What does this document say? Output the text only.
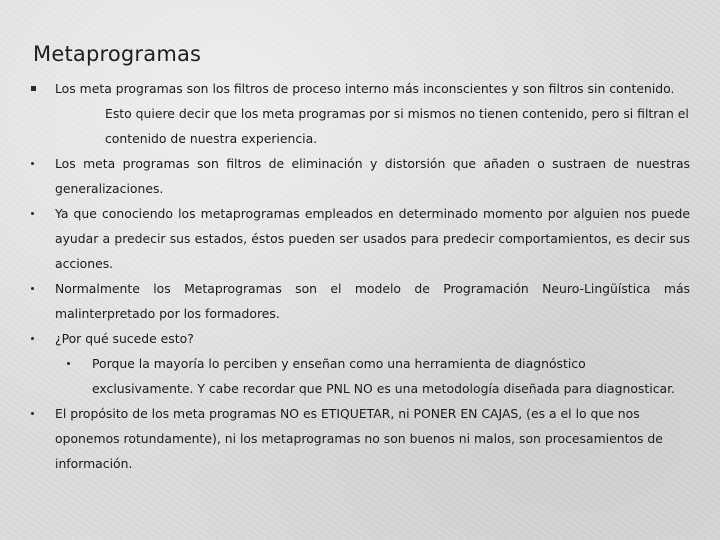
Metaprogramas
Los meta programas son los filtros de proceso interno más inconscientes y son filtros sin contenido.
Esto quiere decir que los meta programas por si mismos no tienen contenido, pero si filtran el contenido de nuestra experiencia.
Los meta programas son filtros de eliminación y distorsión que añaden o sustraen de nuestras generalizaciones.
Ya que conociendo los metaprogramas empleados en determinado momento por alguien nos puede ayudar a predecir sus estados, éstos pueden ser usados para predecir comportamientos, es decir sus acciones.
Normalmente los Metaprogramas son el modelo de Programación Neuro-Lingüística más malinterpretado por los formadores.
¿Por qué sucede esto?
Porque la mayoría lo perciben y enseñan como una herramienta de diagnóstico exclusivamente. Y cabe recordar que PNL NO es una metodología diseñada para diagnosticar.
El propósito de los meta programas NO es ETIQUETAR, ni PONER EN CAJAS, (es a el lo que nos oponemos rotundamente), ni los metaprogramas no son buenos ni malos, son procesamientos de información.
